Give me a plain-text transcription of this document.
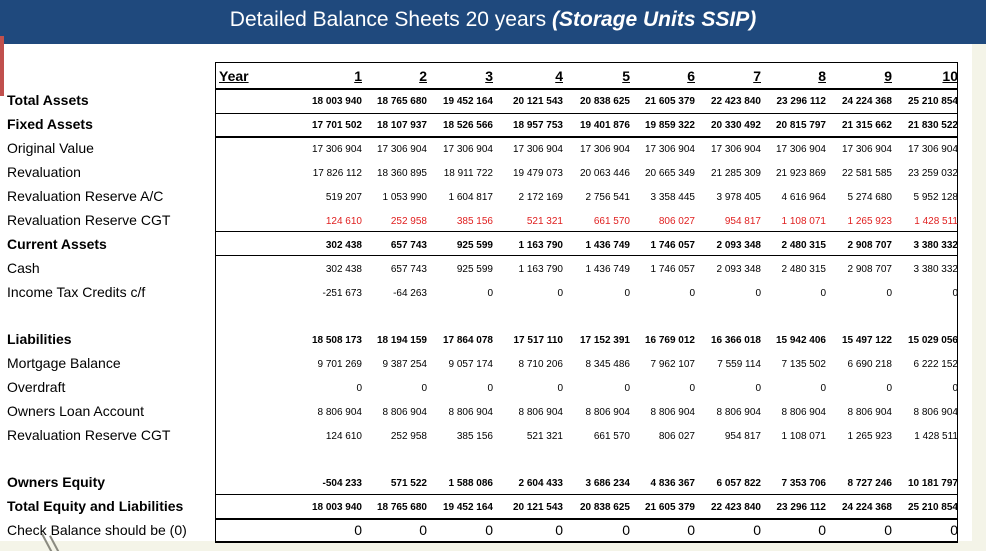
Detailed Balance Sheets 20 years (Storage Units SSIP)
Year	1	2	3	4	5	6	7	8	9	10
Total Assets	18 003 940	18 765 680	19 452 164	20 121 543	20 838 625	21 605 379	22 423 840	23 296 112	24 224 368	25 210 854
Fixed Assets	17 701 502	18 107 937	18 526 566	18 957 753	19 401 876	19 859 322	20 330 492	20 815 797	21 315 662	21 830 522
Original Value	17 306 904	17 306 904	17 306 904	17 306 904	17 306 904	17 306 904	17 306 904	17 306 904	17 306 904	17 306 904
Revaluation	17 826 112	18 360 895	18 911 722	19 479 073	20 063 446	20 665 349	21 285 309	21 923 869	22 581 585	23 259 032
Revaluation Reserve A/C	519 207	1 053 990	1 604 817	2 172 169	2 756 541	3 358 445	3 978 405	4 616 964	5 274 680	5 952 128
Revaluation Reserve CGT	124 610	252 958	385 156	521 321	661 570	806 027	954 817	1 108 071	1 265 923	1 428 511
Current Assets	302 438	657 743	925 599	1 163 790	1 436 749	1 746 057	2 093 348	2 480 315	2 908 707	3 380 332
Cash	302 438	657 743	925 599	1 163 790	1 436 749	1 746 057	2 093 348	2 480 315	2 908 707	3 380 332
Income Tax Credits c/f	-251 673	-64 263	0	0	0	0	0	0	0	0
Liabilities	18 508 173	18 194 159	17 864 078	17 517 110	17 152 391	16 769 012	16 366 018	15 942 406	15 497 122	15 029 056
Mortgage Balance	9 701 269	9 387 254	9 057 174	8 710 206	8 345 486	7 962 107	7 559 114	7 135 502	6 690 218	6 222 152
Overdraft	0	0	0	0	0	0	0	0	0	0
Owners Loan Account	8 806 904	8 806 904	8 806 904	8 806 904	8 806 904	8 806 904	8 806 904	8 806 904	8 806 904	8 806 904
Revaluation Reserve CGT	124 610	252 958	385 156	521 321	661 570	806 027	954 817	1 108 071	1 265 923	1 428 511
Owners Equity	-504 233	571 522	1 588 086	2 604 433	3 686 234	4 836 367	6 057 822	7 353 706	8 727 246	10 181 797
Total Equity and Liabilities	18 003 940	18 765 680	19 452 164	20 121 543	20 838 625	21 605 379	22 423 840	23 296 112	24 224 368	25 210 854
Check Balance should be (0)	0	0	0	0	0	0	0	0	0	0
